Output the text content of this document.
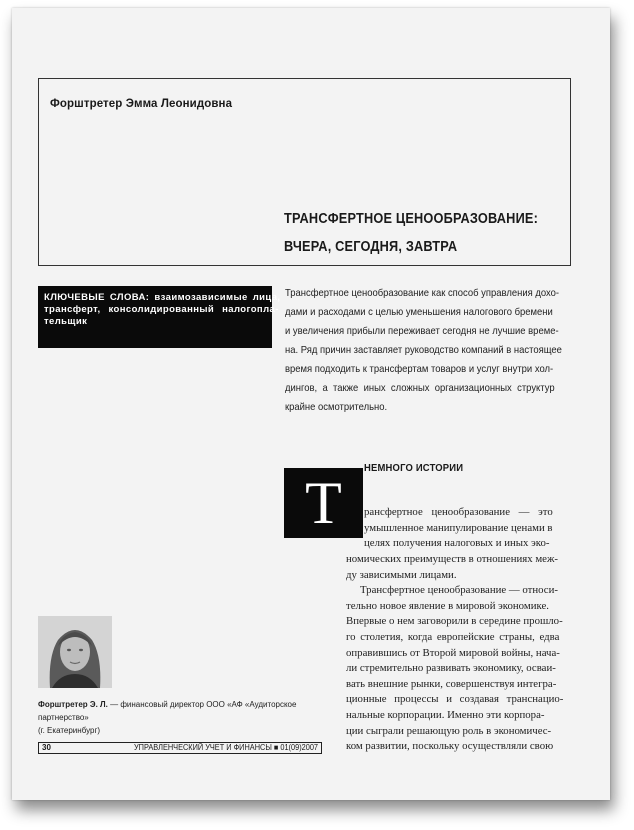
Форштретер Эмма Леонидовна
ТРАНСФЕРТНОЕ ЦЕНООБРАЗОВАНИЕ:
ВЧЕРА, СЕГОДНЯ, ЗАВТРА
КЛЮЧЕВЫЕ СЛОВА: взаимозависимые лица,
трансферт, консолидированный налогопла-
тельщик
Трансфертное ценообразование как способ управления дохо-
дами и расходами с целью уменьшения налогового бремени
и увеличения прибыли переживает сегодня не лучшие време-
на. Ряд причин заставляет руководство компаний в настоящее
время подходить к трансфертам товаров и услуг внутри хол-
дингов, а также иных сложных организационных структур
крайне осмотрительно.
НЕМНОГО ИСТОРИИ
Т	рансфертное ценообразование — это
умышленное манипулирование ценами в
целях получения налоговых и иных эко-
номических преимуществ в отношениях меж-
ду зависимыми лицами.
Трансфертное ценообразование — относи-
тельно новое явление в мировой экономике.
Впервые о нем заговорили в середине прошло-
го столетия, когда европейские страны, едва
оправившись от Второй мировой войны, нача-
ли стремительно развивать экономику, осваи-
вать внешние рынки, совершенствуя интегра-
ционные процессы и создавая транснацио-
нальные корпорации. Именно эти корпора-
ции сыграли решающую роль в экономичес-
ком развитии, поскольку осуществляли свою
Форштретер Э. Л. — финансовый директор ООО «АФ «Аудиторское партнерство»
(г. Екатеринбург)
30	УПРАВЛЕНЧЕСКИЙ УЧЕТ И ФИНАНСЫ ■ 01(09)2007
